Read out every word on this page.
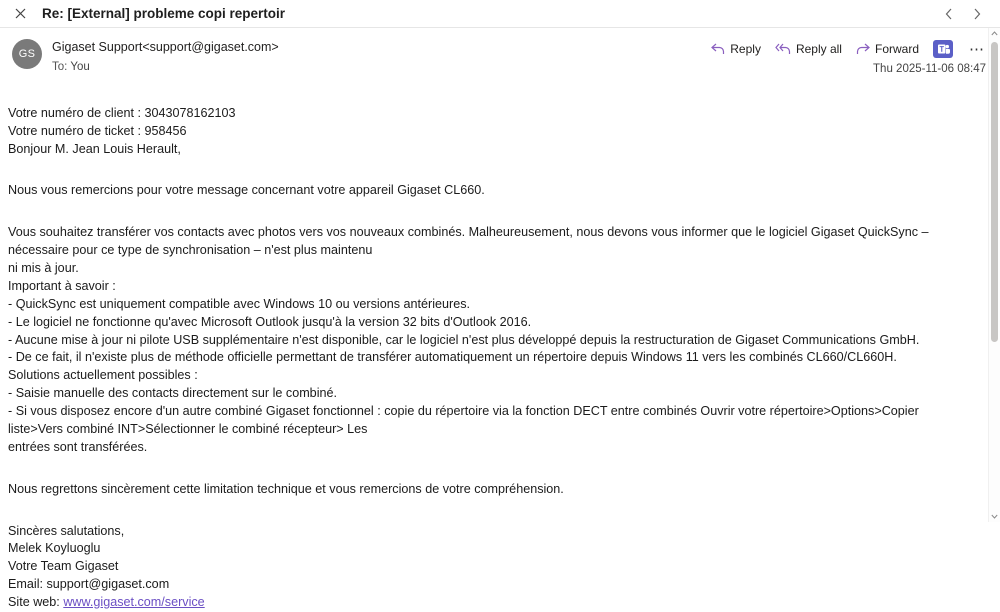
Re: [External] probleme copi repertoir
GS	Gigaset Support<support@gigaset.com>
To: You
Reply	Reply all	Forward	⋯
Thu 2025-11-06 08:47

Votre numéro de client : 3043078162103

Votre numéro de ticket : 958456

Bonjour M. Jean Louis Herault,

Nous vous remercions pour votre message concernant votre appareil Gigaset CL660.

Vous souhaitez transférer vos contacts avec photos vers vos nouveaux combinés. Malheureusement, nous devons vous informer que le logiciel Gigaset QuickSync – nécessaire pour ce type de synchronisation – n'est plus maintenu

ni mis à jour.

Important à savoir :

- QuickSync est uniquement compatible avec Windows 10 ou versions antérieures.

- Le logiciel ne fonctionne qu'avec Microsoft Outlook jusqu'à la version 32 bits d'Outlook 2016.

- Aucune mise à jour ni pilote USB supplémentaire n'est disponible, car le logiciel n'est plus développé depuis la restructuration de Gigaset Communications GmbH.

- De ce fait, il n'existe plus de méthode officielle permettant de transférer automatiquement un répertoire depuis Windows 11 vers les combinés CL660/CL660H.

Solutions actuellement possibles :

- Saisie manuelle des contacts directement sur le combiné.

- Si vous disposez encore d'un autre combiné Gigaset fonctionnel : copie du répertoire via la fonction DECT entre combinés Ouvrir votre répertoire>Options>Copier liste>Vers combiné INT>Sélectionner le combiné récepteur> Les

entrées sont transférées.

Nous regrettons sincèrement cette limitation technique et vous remercions de votre compréhension.

Sincères salutations,

Melek Koyluoglu

Votre Team Gigaset

Email: support@gigaset.com

Site web: www.gigaset.com/service
